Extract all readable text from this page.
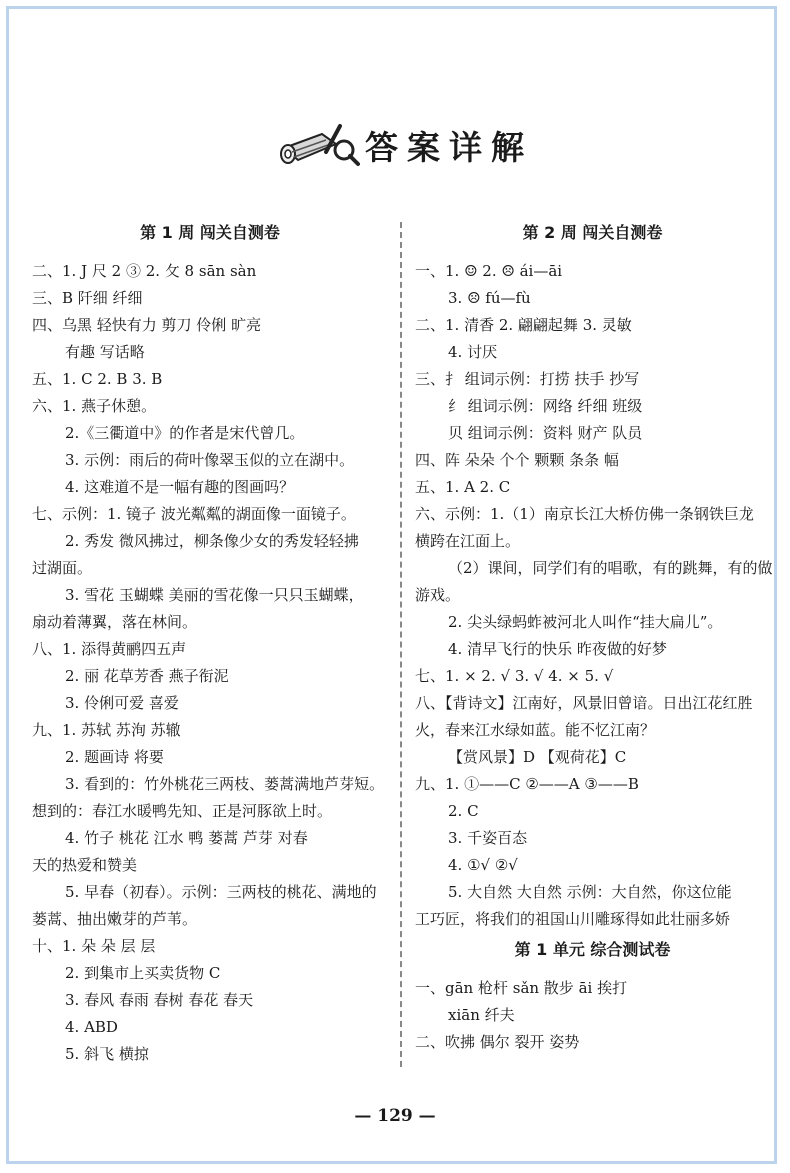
答案详解
第 1 周 闯关自测卷
二、1. J 尺 2 ③ 2. 攵 8 sān sàn
三、B 阡细 纤细
四、乌黑 轻快有力 剪刀 伶俐 旷亮
有趣 写话略
五、1. C 2. B 3. B
六、1. 燕子休憩。
2.《三衢道中》的作者是宋代曾几。
3. 示例：雨后的荷叶像翠玉似的立在湖中。
4. 这难道不是一幅有趣的图画吗？
七、示例：1. 镜子 波光粼粼的湖面像一面镜子。
2. 秀发 微风拂过，柳条像少女的秀发轻轻拂
过湖面。
3. 雪花 玉蝴蝶 美丽的雪花像一只只玉蝴蝶，
扇动着薄翼，落在林间。
八、1. 添得黄鹂四五声
2. 丽 花草芳香 燕子衔泥
3. 伶俐可爱 喜爱
九、1. 苏轼 苏洵 苏辙
2. 题画诗 将要
3. 看到的：竹外桃花三两枝、蒌蒿满地芦芽短。
想到的：春江水暖鸭先知、正是河豚欲上时。
4. 竹子 桃花 江水 鸭 蒌蒿 芦芽 对春
天的热爱和赞美
5. 早春（初春）。示例：三两枝的桃花、满地的
蒌蒿、抽出嫩芽的芦苇。
十、1. 朵 朵 层 层
2. 到集市上买卖货物 C
3. 春风 春雨 春树 春花 春天
4. ABD
5. 斜飞 横掠
第 2 周 闯关自测卷
一、1. ☺ 2. ☹ ái—āi
3. ☹ fú—fù
二、1. 清香 2. 翩翩起舞 3. 灵敏
4. 讨厌
三、扌 组词示例：打捞 扶手 抄写
纟 组词示例：网络 纤细 班级
贝 组词示例：资料 财产 队员
四、阵 朵朵 个个 颗颗 条条 幅
五、1. A 2. C
六、示例：1.（1）南京长江大桥仿佛一条钢铁巨龙
横跨在江面上。
（2）课间，同学们有的唱歌，有的跳舞，有的做
游戏。
2. 尖头绿蚂蚱被河北人叫作“挂大扁儿”。
4. 清早飞行的快乐 昨夜做的好梦
七、1. × 2. √ 3. √ 4. × 5. √
八、【背诗文】江南好，风景旧曾谙。日出江花红胜
火，春来江水绿如蓝。能不忆江南？
【赏风景】D 【观荷花】C
九、1. ①——C ②——A ③——B
2. C
3. 千姿百态
4. ①√ ②√
5. 大自然 大自然 示例：大自然，你这位能
工巧匠，将我们的祖国山川雕琢得如此壮丽多娇
第 1 单元 综合测试卷
一、gān 枪杆 sǎn 散步 āi 挨打
xiān 纤夫
二、吹拂 偶尔 裂开 姿势
— 129 —
